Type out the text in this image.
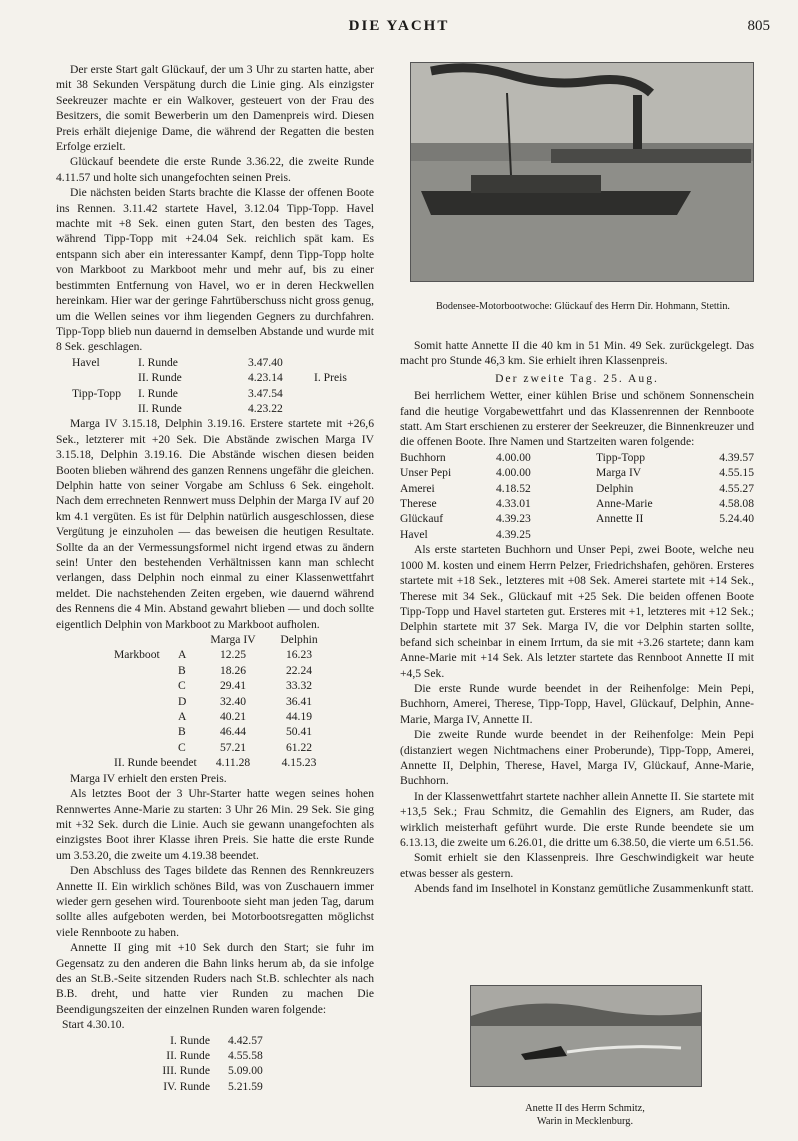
DIE YACHT	805

Der erste Start galt Glückauf, der um 3 Uhr zu starten hatte, aber mit 38 Sekunden Verspätung durch die Linie ging. Als einzigster Seekreuzer machte er ein Walkover, gesteuert von der Frau des Besitzers, die somit Bewerberin um den Damenpreis wird. Diesen Preis erhält diejenige Dame, die während der Regatten die besten Erfolge erzielt.

Glückauf beendete die erste Runde 3.36.22, die zweite Runde 4.11.57 und holte sich unangefochten seinen Preis.

Die nächsten beiden Starts brachte die Klasse der offenen Boote ins Rennen. 3.11.42 startete Havel, 3.12.04 Tipp-Topp. Havel machte mit +8 Sek. einen guten Start, den besten des Tages, während Tipp-Topp mit +24.04 Sek. reichlich spät kam. Es entspann sich aber ein interessanter Kampf, denn Tipp-Topp holte von Markboot zu Markboot mehr und mehr auf, bis zu einer bestimmten Entfernung von Havel, wo er in deren Heckwellen hereinkam. Hier war der geringe Fahrtüberschuss nicht gross genug, um die Wellen seines vor ihm liegenden Gegners zu durchfahren. Tipp-Topp blieb nun dauernd in demselben Abstande und wurde mit 8 Sek. geschlagen.

Havel	I. Runde	3.47.40	
	II. Runde	4.23.14	I. Preis
Tipp-Topp	I. Runde	3.47.54	
	II. Runde	4.23.22	

Marga IV 3.15.18, Delphin 3.19.16. Erstere startete mit +26,6 Sek., letzterer mit +20 Sek. Die Abstände zwischen Marga IV 3.15.18, Delphin 3.19.16. Die Abstände wischen diesen beiden Booten blieben während des ganzen Rennens ungefähr die gleichen. Delphin hatte von seiner Vorgabe am Schluss 6 Sek. eingeholt. Nach dem errechneten Rennwert muss Delphin der Marga IV auf 20 km 4.1 vergüten. Es ist für Delphin natürlich ausgeschlossen, diese Vergütung je einzuholen — das beweisen die heutigen Resultate. Sollte da an der Vermessungsformel nicht irgend etwas zu ändern sein! Unter den bestehenden Verhältnissen kann man schlecht verlangen, dass Delphin noch einmal zu einer Klassenwettfahrt meldet. Die nachstehenden Zeiten ergeben, wie dauernd während des Rennens die 4 Min. Abstand gewahrt blieben — und doch sollte eigentlich Delphin von Markboot zu Markboot aufholen.

		Marga IV	Delphin
Markboot	A	12.25	16.23
	B	18.26	22.24
	C	29.41	33.32
	D	32.40	36.41
	A	40.21	44.19
	B	46.44	50.41
	C	57.21	61.22
II. Runde beendet		4.11.28	4.15.23

Marga IV erhielt den ersten Preis.

Als letztes Boot der 3 Uhr-Starter hatte wegen seines hohen Rennwertes Anne-Marie zu starten: 3 Uhr 26 Min. 29 Sek. Sie ging mit +32 Sek. durch die Linie. Auch sie gewann unangefochten als einzigstes Boot ihrer Klasse ihren Preis. Sie hatte die erste Runde um 3.53.20, die zweite um 4.19.38 beendet.

Den Abschluss des Tages bildete das Rennen des Rennkreuzers Annette II. Ein wirklich schönes Bild, was von Zuschauern immer wieder gern gesehen wird. Tourenboote sieht man jeden Tag, darum sollte alles aufgeboten werden, bei Motorbootsregatten möglichst viele Rennboote zu haben.

Annette II ging mit +10 Sek durch den Start; sie fuhr im Gegensatz zu den anderen die Bahn links herum ab, da sie infolge des an St.B.-Seite sitzenden Ruders nach St.B. schlechter als nach B.B. dreht, und hatte vier Runden zu machen Die Beendigungszeiten der einzelnen Runden waren folgende:

Start 4.30.10.
I. Runde	4.42.57
II. Runde	4.55.58
III. Runde	5.09.00
IV. Runde	5.21.59
Bodensee-Motorbootwoche: Glückauf des Herrn Dir. Hohmann, Stettin.

Somit hatte Annette II die 40 km in 51 Min. 49 Sek. zurückgelegt. Das macht pro Stunde 46,3 km. Sie erhielt ihren Klassenpreis.

Der zweite Tag. 25. Aug.

Bei herrlichem Wetter, einer kühlen Brise und schönem Sonnenschein fand die heutige Vorgabewettfahrt und das Klassenrennen der Rennboote statt. Am Start erschienen zu ersterer der Seekreuzer, die Binnenkreuzer und die offenen Boote. Ihre Namen und Startzeiten waren folgende:

Buchhorn	4.00.00	Tipp-Topp	4.39.57
Unser Pepi	4.00.00	Marga IV	4.55.15
Amerei	4.18.52	Delphin	4.55.27
Therese	4.33.01	Anne-Marie	4.58.08
Glückauf	4.39.23	Annette II	5.24.40
Havel	4.39.25		

Als erste starteten Buchhorn und Unser Pepi, zwei Boote, welche neu 1000 M. kosten und einem Herrn Pelzer, Friedrichshafen, gehören. Ersteres startete mit +18 Sek., letzteres mit +08 Sek. Amerei startete mit +14 Sek., Therese mit 34 Sek., Glückauf mit +25 Sek. Die beiden offenen Boote Tipp-Topp und Havel starteten gut. Ersteres mit +1, letzteres mit +12 Sek.; Delphin startete mit 37 Sek. Marga IV, die vor Delphin starten sollte, befand sich scheinbar in einem Irrtum, da sie mit +3.26 startete; dann kam Anne-Marie mit +14 Sek. Als letzter startete das Rennboot Annette II mit +4,5 Sek.

Die erste Runde wurde beendet in der Reihenfolge: Mein Pepi, Buchhorn, Amerei, Therese, Tipp-Topp, Havel, Glückauf, Delphin, Anne-Marie, Marga IV, Annette II.

Die zweite Runde wurde beendet in der Reihenfolge: Mein Pepi (distanziert wegen Nichtmachens einer Proberunde), Tipp-Topp, Amerei, Annette II, Delphin, Therese, Havel, Marga IV, Glückauf, Anne-Marie, Buchhorn.

In der Klassenwettfahrt startete nachher allein Annette II. Sie startete mit +13,5 Sek.; Frau Schmitz, die Gemahlin des Eigners, am Ruder, das wirklich meisterhaft geführt wurde. Die erste Runde beendete sie um 6.13.13, die zweite um 6.26.01, die dritte um 6.38.50, die vierte um 6.51.56.

Somit erhielt sie den Klassenpreis. Ihre Geschwindigkeit war heute etwas besser als gestern.

Abends fand im Inselhotel in Konstanz gemütliche Zusammenkunft statt.

Anette II des Herrn Schmitz,
Warin in Mecklenburg.
